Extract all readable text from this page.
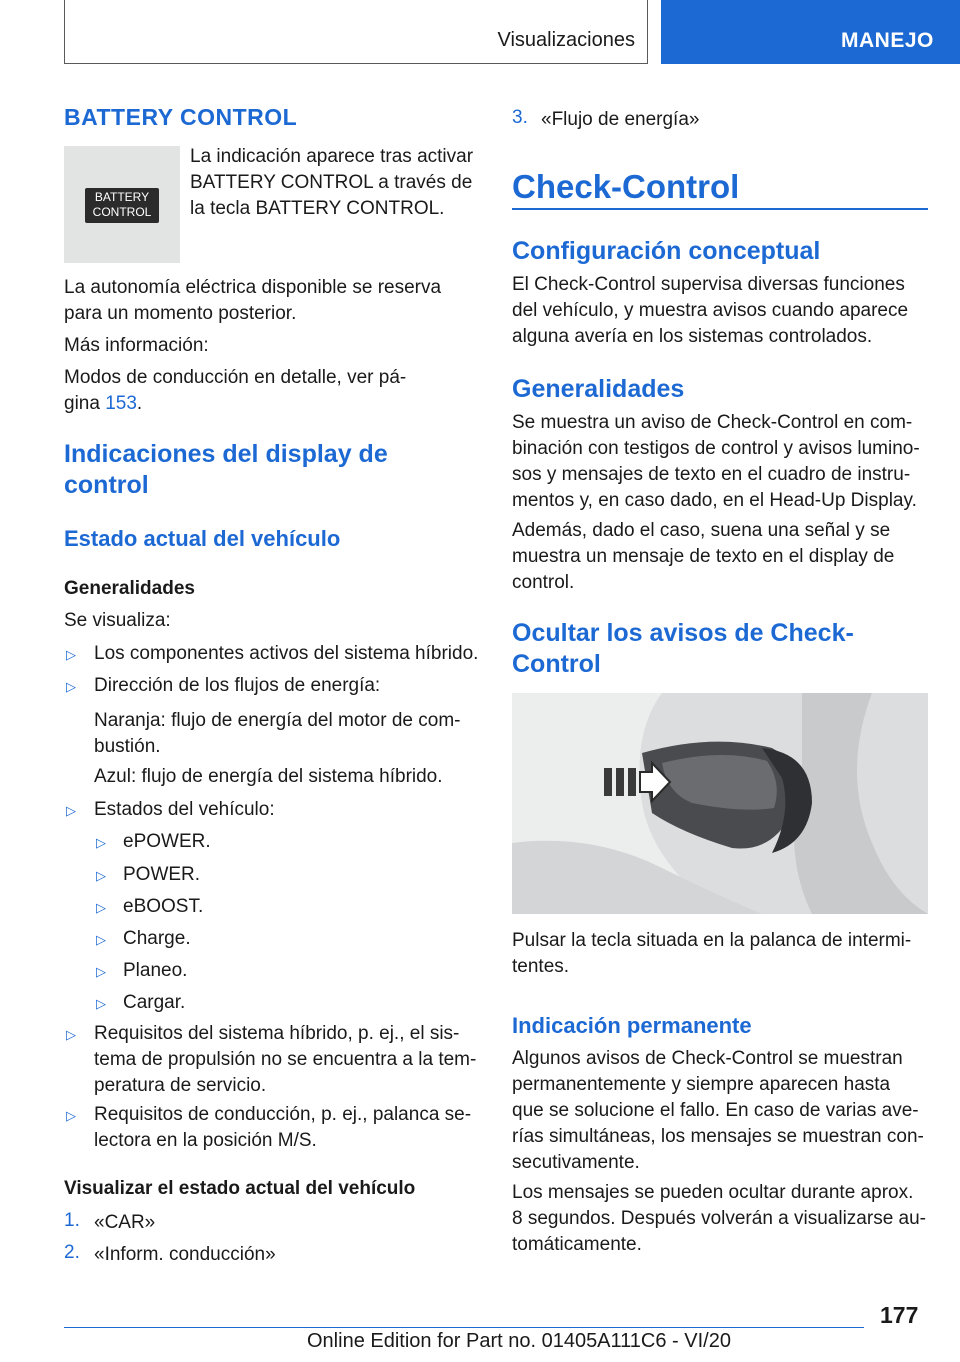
Visualizaciones	MANEJO
BATTERY CONTROL
BATTERY
CONTROL

La indicación aparece tras activar

BATTERY CONTROL a través de

la tecla BATTERY CONTROL.

La autonomía eléctrica disponible se reserva

para un momento posterior.

Más información:

Modos de conducción en detalle, ver pá-

gina 153.

Indicaciones del display de
control
Estado actual del vehículo
Generalidades

Se visualiza:

▷ Los componentes activos del sistema híbrido.

▷ Dirección de los flujos de energía:

Naranja: flujo de energía del motor de com-

bustión.

Azul: flujo de energía del sistema híbrido.

▷ Estados del vehículo:

▷ ePOWER.

▷ POWER.

▷ eBOOST.

▷ Charge.

▷ Planeo.

▷ Cargar.

▷ Requisitos del sistema híbrido, p. ej., el sis-

tema de propulsión no se encuentra a la tem-

peratura de servicio.

▷ Requisitos de conducción, p. ej., palanca se-

lectora en la posición M/S.

Visualizar el estado actual del vehículo
1. «CAR»

2. «Inform. conducción»

3. «Flujo de energía»

Check-Control
Configuración conceptual

El Check-Control supervisa diversas funciones

del vehículo, y muestra avisos cuando aparece

alguna avería en los sistemas controlados.

Generalidades

Se muestra un aviso de Check-Control en com-

binación con testigos de control y avisos lumino-

sos y mensajes de texto en el cuadro de instru-

mentos y, en caso dado, en el Head-Up Display.

Además, dado el caso, suena una señal y se

muestra un mensaje de texto en el display de

control.

Ocultar los avisos de Check-
Control

Pulsar la tecla situada en la palanca de intermi-

tentes.

Indicación permanente

Algunos avisos de Check-Control se muestran

permanentemente y siempre aparecen hasta

que se solucione el fallo. En caso de varias ave-

rías simultáneas, los mensajes se muestran con-

secutivamente.

Los mensajes se pueden ocultar durante aprox.

8 segundos. Después volverán a visualizarse au-

tomáticamente.

177
Online Edition for Part no. 01405A111C6 - VI/20
